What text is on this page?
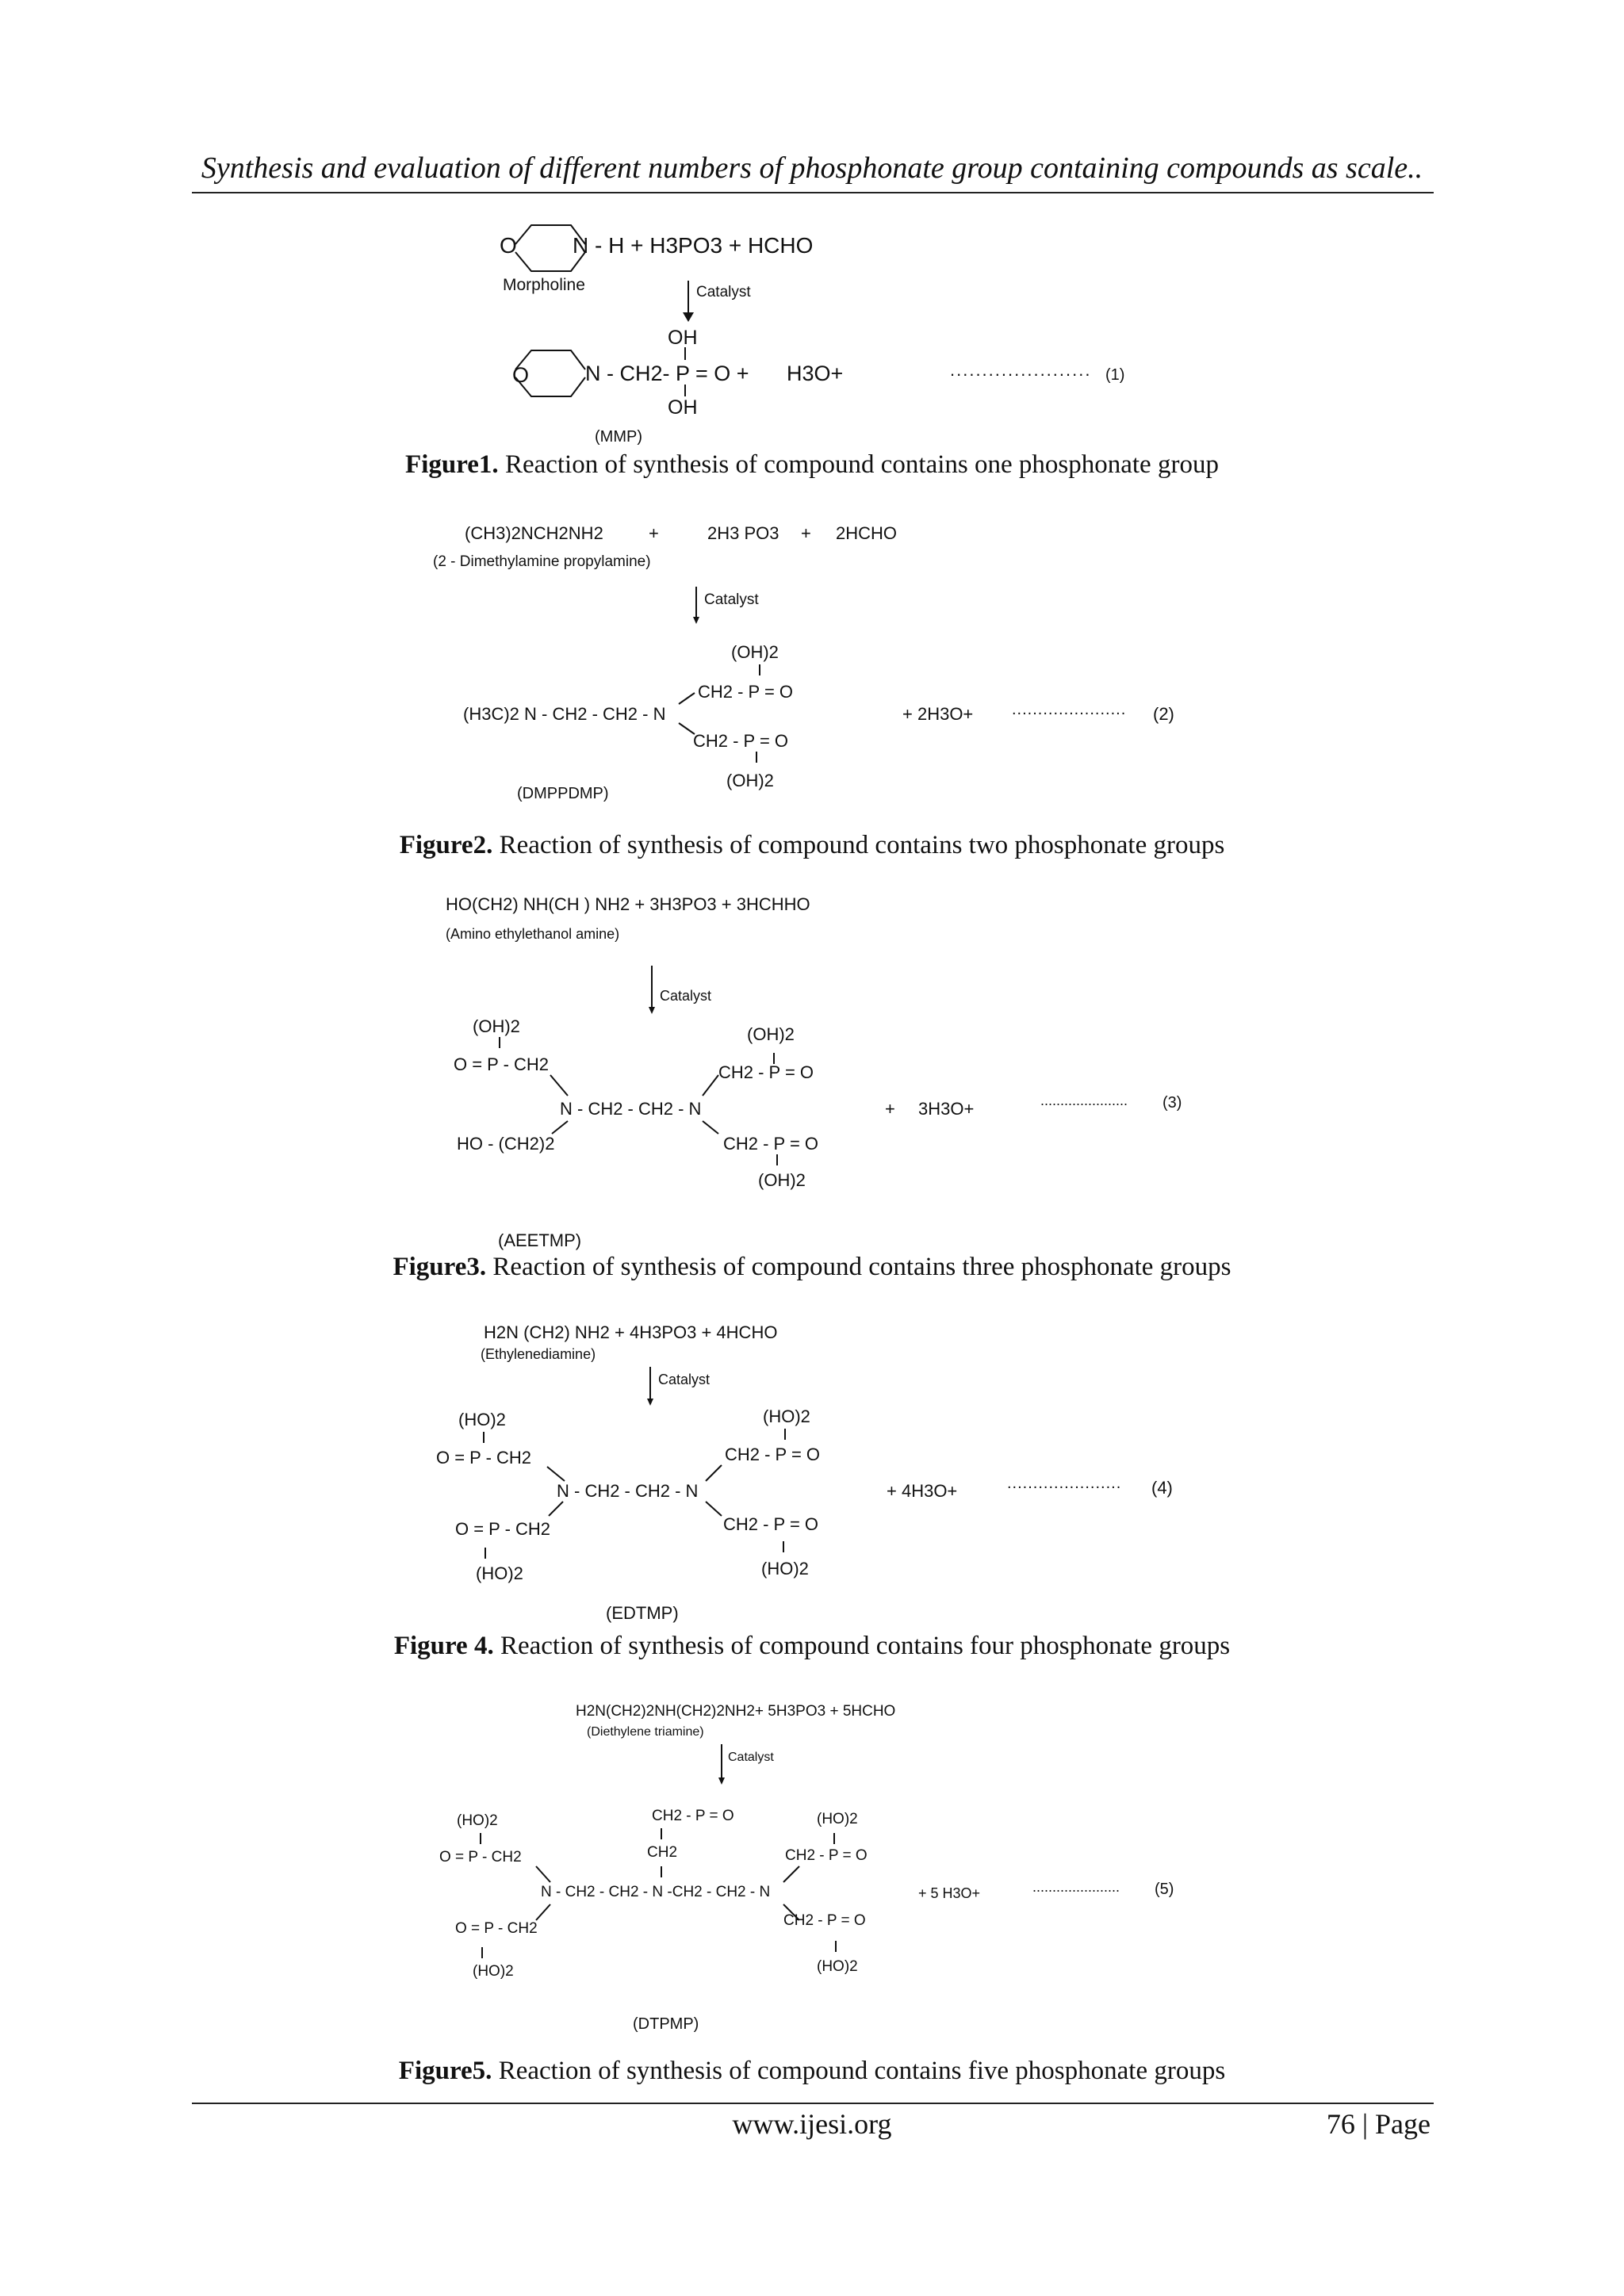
Synthesis and evaluation of different numbers of phosphonate group containing compounds as scale..
O	N - H + H3PO3 + HCHO
Morpholine	Catalyst
OH
O	N - CH2- P = O + H3O+
OH
...................... (1)
(MMP)
Figure1. Reaction of synthesis of compound contains one phosphonate group
(CH3)2NCH2NH2	+	2H3 PO3 + 2HCHO
(2 - Dimethylamine propylamine)
Catalyst
(OH)2
CH2 - P = O
(H3C)2 N - CH2 - CH2 - N	+ 2H3O+ ...................... (2)
CH2 - P = O
(OH)2
(DMPPDMP)
Figure2. Reaction of synthesis of compound contains two phosphonate groups
HO(CH2) NH(CH ) NH2 + 3H3PO3 + 3HCHHO
(Amino ethylethanol amine)
Catalyst
(OH)2	(OH)2
O = P - CH2	CH2 - P = O
N - CH2 - CH2 - N	+ 3H3O+	...................... (3)
HO - (CH2)2	CH2 - P = O
(OH)2
(AEETMP)
Figure3. Reaction of synthesis of compound contains three phosphonate groups
H2N (CH2) NH2 + 4H3PO3 + 4HCHO
(Ethylenediamine)
Catalyst
(HO)2	(HO)2
O = P - CH2	CH2 - P = O
N - CH2 - CH2 - N	+ 4H3O+	...................... (4)
O = P - CH2	CH2 - P = O
(HO)2	(HO)2
(EDTMP)
Figure 4. Reaction of synthesis of compound contains four phosphonate groups
H2N(CH2)2NH(CH2)2NH2+ 5H3PO3 + 5HCHO
(Diethylene triamine)
Catalyst
CH2 - P = O
(HO)2	(HO)2
CH2
O = P - CH2	CH2 - P = O
N - CH2 - CH2 - N -CH2 - CH2 - N	+ 5 H3O+	...................... (5)
CH2 - P = O
O = P - CH2
(HO)2
(HO)2
(DTPMP)
Figure5. Reaction of synthesis of compound contains five phosphonate groups
www.ijesi.org	76 | Page
